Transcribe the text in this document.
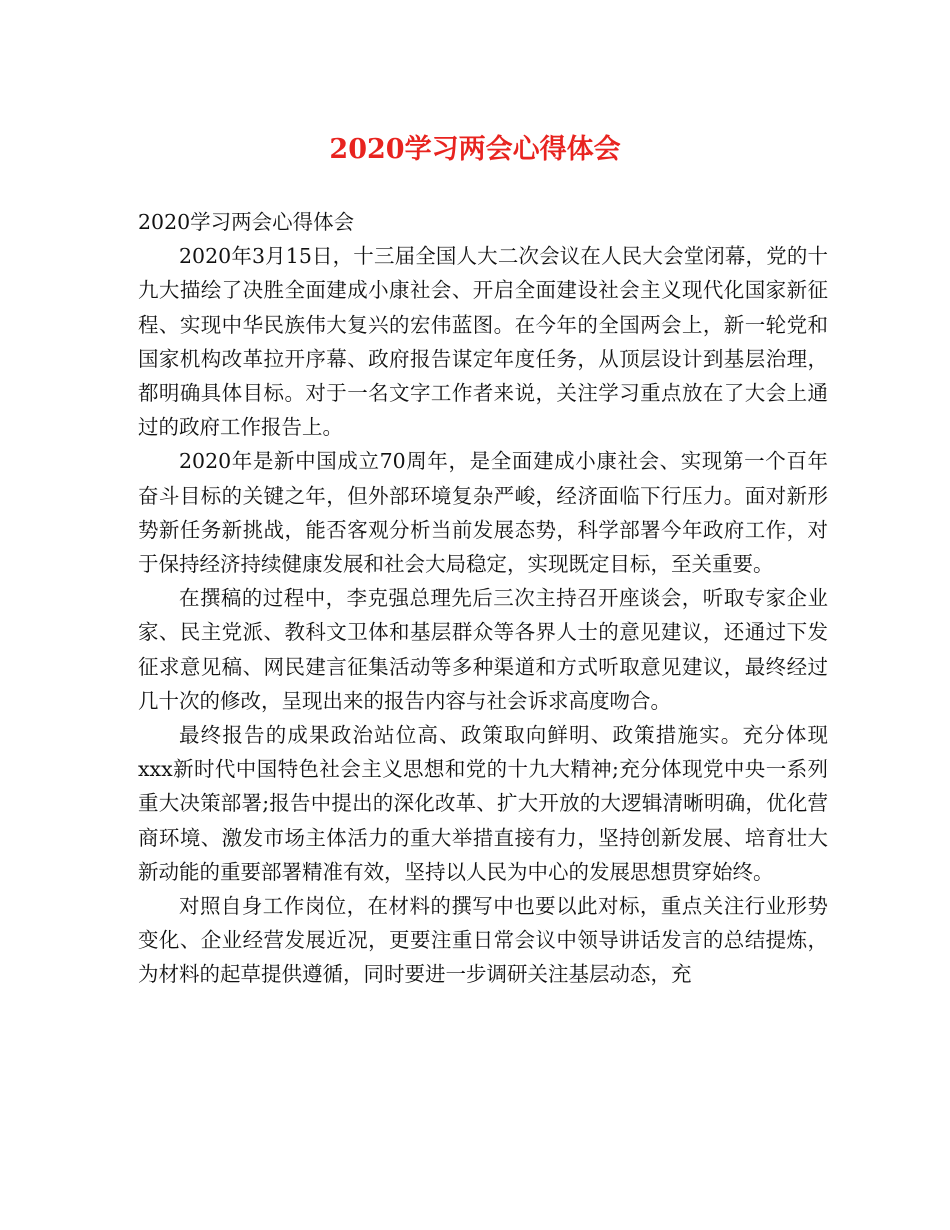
2020学习两会心得体会

2020学习两会心得体会

2020年3月15日，十三届全国人大二次会议在人民大会堂闭幕，党的十九大描绘了决胜全面建成小康社会、开启全面建设社会主义现代化国家新征程、实现中华民族伟大复兴的宏伟蓝图。在今年的全国两会上，新一轮党和国家机构改革拉开序幕、政府报告谋定年度任务，从顶层设计到基层治理，都明确具体目标。对于一名文字工作者来说，关注学习重点放在了大会上通过的政府工作报告上。

2020年是新中国成立70周年，是全面建成小康社会、实现第一个百年奋斗目标的关键之年，但外部环境复杂严峻，经济面临下行压力。面对新形势新任务新挑战，能否客观分析当前发展态势，科学部署今年政府工作，对于保持经济持续健康发展和社会大局稳定，实现既定目标，至关重要。

在撰稿的过程中，李克强总理先后三次主持召开座谈会，听取专家企业家、民主党派、教科文卫体和基层群众等各界人士的意见建议，还通过下发征求意见稿、网民建言征集活动等多种渠道和方式听取意见建议，最终经过几十次的修改，呈现出来的报告内容与社会诉求高度吻合。

最终报告的成果政治站位高、政策取向鲜明、政策措施实。充分体现xxx新时代中国特色社会主义思想和党的十九大精神;充分体现党中央一系列重大决策部署;报告中提出的深化改革、扩大开放的大逻辑清晰明确，优化营商环境、激发市场主体活力的重大举措直接有力，坚持创新发展、培育壮大新动能的重要部署精准有效，坚持以人民为中心的发展思想贯穿始终。

对照自身工作岗位，在材料的撰写中也要以此对标，重点关注行业形势变化、企业经营发展近况，更要注重日常会议中领导讲话发言的总结提炼，为材料的起草提供遵循，同时要进一步调研关注基层动态，充
